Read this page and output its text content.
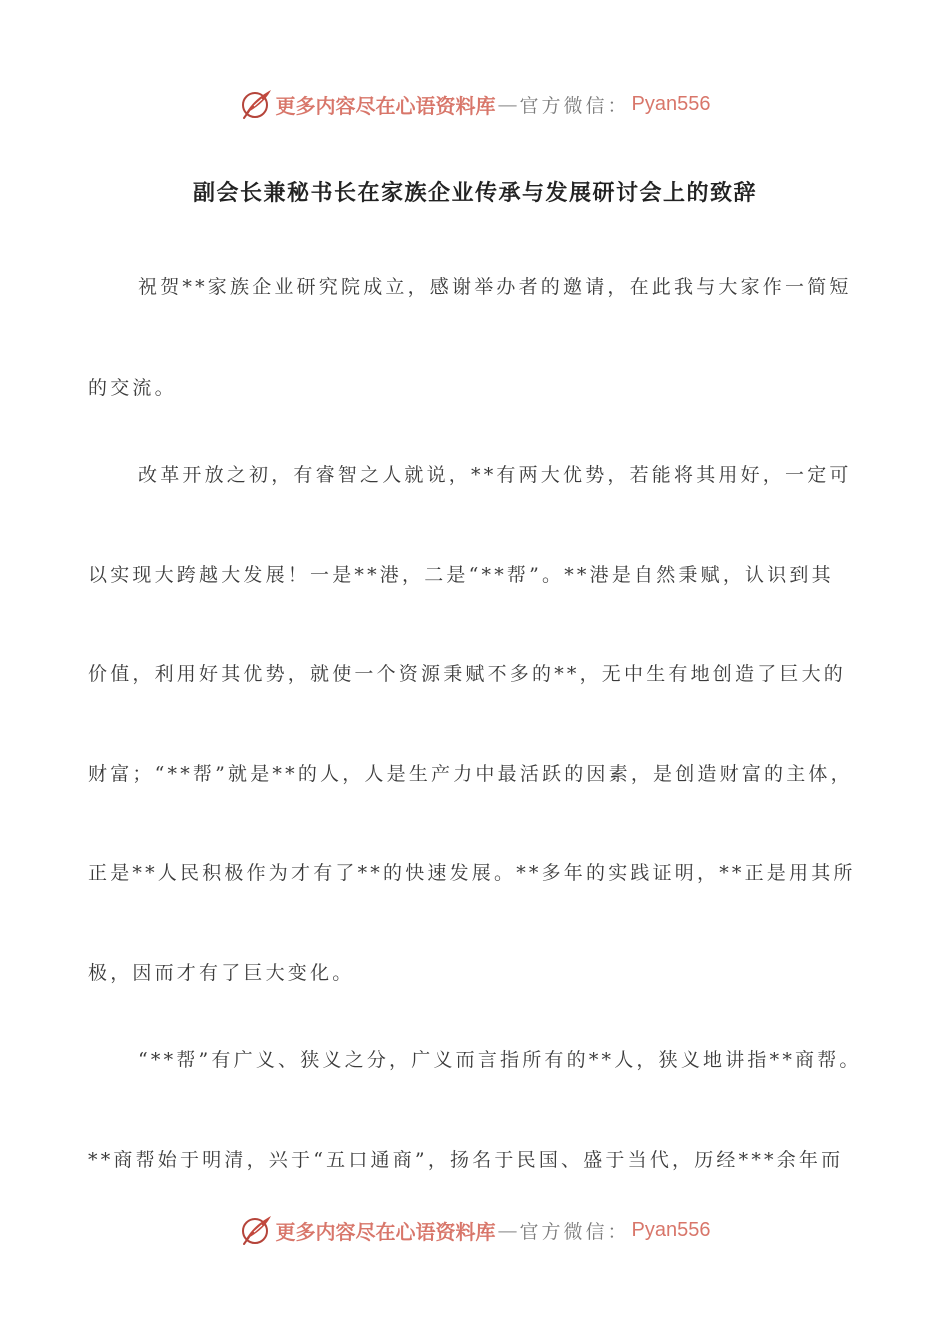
更多内容尽在心语资料库 — 官方微信： Pyan556
副会长兼秘书长在家族企业传承与发展研讨会上的致辞
祝贺**家族企业研究院成立，感谢举办者的邀请，在此我与大家作一简短
的交流。
改革开放之初，有睿智之人就说，**有两大优势，若能将其用好，一定可
以实现大跨越大发展！一是**港，二是“**帮”。**港是自然秉赋，认识到其
价值，利用好其优势，就使一个资源秉赋不多的**，无中生有地创造了巨大的
财富；“**帮”就是**的人，人是生产力中最活跃的因素，是创造财富的主体，
正是**人民积极作为才有了**的快速发展。**多年的实践证明，**正是用其所
极，因而才有了巨大变化。
“**帮”有广义、狭义之分，广义而言指所有的**人，狭义地讲指**商帮。
**商帮始于明清，兴于“五口通商”，扬名于民国、盛于当代，历经***余年而
更多内容尽在心语资料库 — 官方微信： Pyan556
